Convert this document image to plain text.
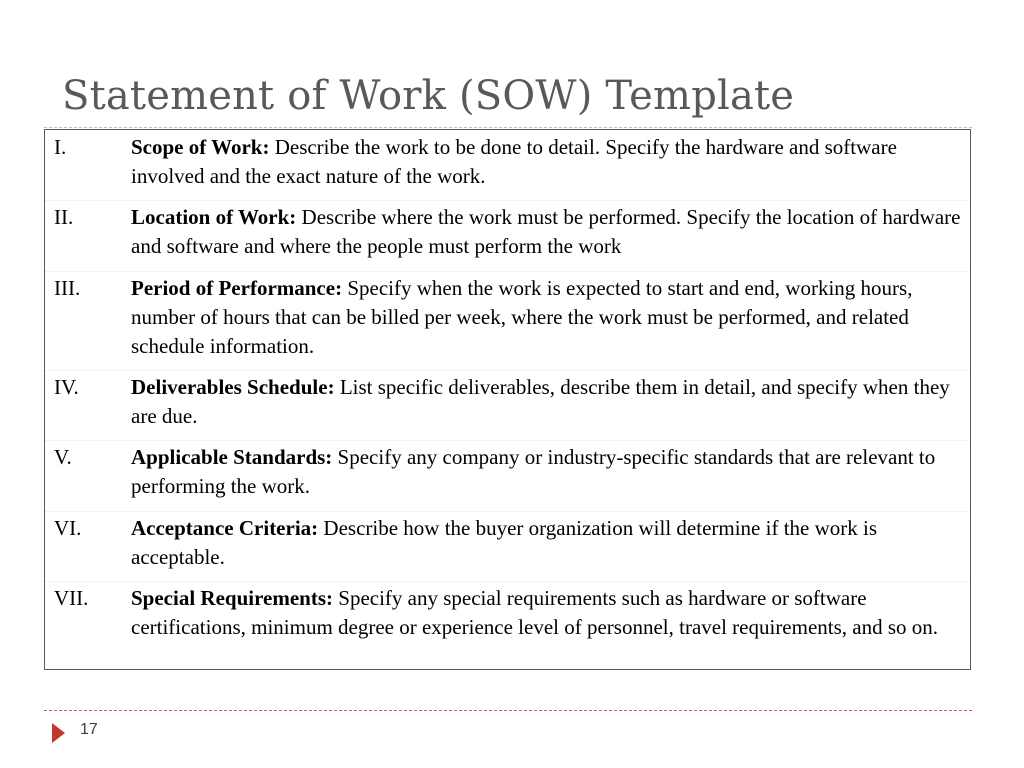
Statement of Work (SOW) Template
I.	Scope of Work: Describe the work to be done to detail. Specify the hardware and software involved and the exact nature of the work.
II.	Location of Work: Describe where the work must be performed. Specify the location of hardware and software and where the people must perform the work
III. Period of Performance: Specify when the work is expected to start and end, working hours, number of hours that can be billed per week, where the work must be performed, and related schedule information.
IV. Deliverables Schedule: List specific deliverables, describe them in detail, and specify when they are due.
V.	Applicable Standards: Specify any company or industry-specific standards that are relevant to performing the work.
VI. Acceptance Criteria: Describe how the buyer organization will determine if the work is acceptable.
VII. Special Requirements: Specify any special requirements such as hardware or software certifications, minimum degree or experience level of personnel, travel requirements, and so on.
17
